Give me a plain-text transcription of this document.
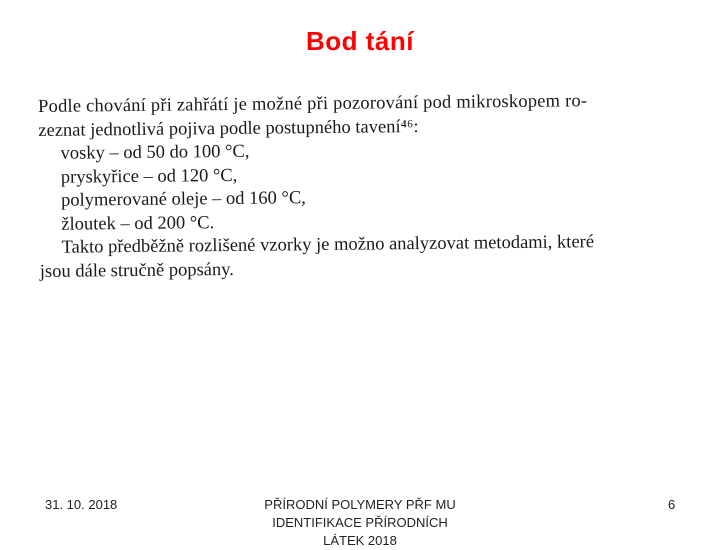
Bod tání
Podle chování při zahřátí je možné při pozorování pod mikroskopem ro-
zeznat jednotlivá pojiva podle postupného tavení⁴⁶:
vosky – od 50 do 100 °C,
pryskyřice – od 120 °C,
polymerované oleje – od 160 °C,
žloutek – od 200 °C.
Takto předběžně rozlišené vzorky je možno analyzovat metodami, které
jsou dále stručně popsány.
31. 10. 2018	PŘÍRODNÍ POLYMERY PŘF MU
IDENTIFIKACE PŘÍRODNÍCH
LÁTEK 2018
6
